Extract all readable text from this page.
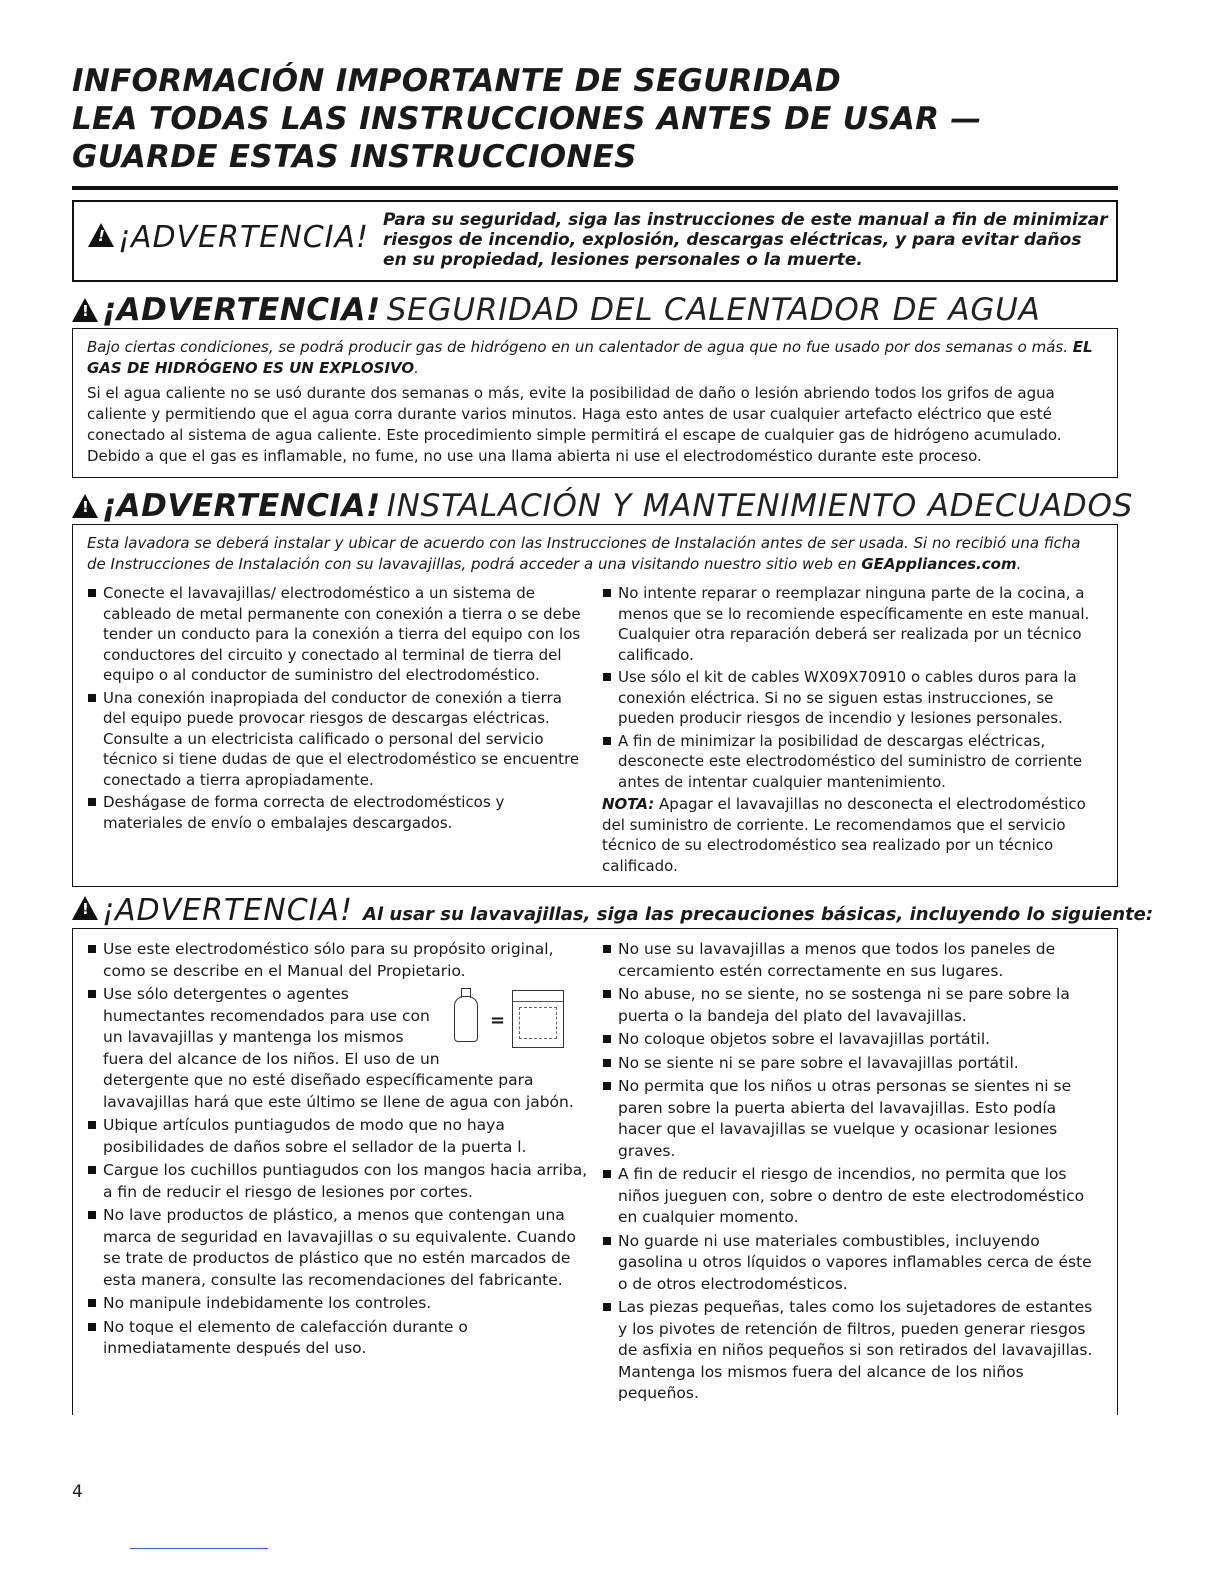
INFORMACIÓN IMPORTANTE DE SEGURIDAD

LEA TODAS LAS INSTRUCCIONES ANTES DE USAR —

GUARDE ESTAS INSTRUCCIONES

!¡ADVERTENCIA! Para su seguridad, siga las instrucciones de este manual a fin de minimizar riesgos de incendio, explosión, descargas eléctricas, y para evitar daños en su propiedad, lesiones personales o la muerte.
!
¡ADVERTENCIA! SEGURIDAD DEL CALENTADOR DE AGUA

Bajo ciertas condiciones, se podrá producir gas de hidrógeno en un calentador de agua que no fue usado por dos semanas o más. EL GAS DE HIDRÓGENO ES UN EXPLOSIVO.

Si el agua caliente no se usó durante dos semanas o más, evite la posibilidad de daño o lesión abriendo todos los grifos de agua caliente y permitiendo que el agua corra durante varios minutos. Haga esto antes de usar cualquier artefacto eléctrico que esté conectado al sistema de agua caliente. Este procedimiento simple permitirá el escape de cualquier gas de hidrógeno acumulado. Debido a que el gas es inflamable, no fume, no use una llama abierta ni use el electrodoméstico durante este proceso.

!
¡ADVERTENCIA! INSTALACIÓN Y MANTENIMIENTO ADECUADOS

Esta lavadora se deberá instalar y ubicar de acuerdo con las Instrucciones de Instalación antes de ser usada. Si no recibió una ficha de Instrucciones de Instalación con su lavavajillas, podrá acceder a una visitando nuestro sitio web en GEAppliances.com.

Conecte el lavavajillas/ electrodoméstico a un sistema de cableado de metal permanente con conexión a tierra o se debe tender un conducto para la conexión a tierra del equipo con los conductores del circuito y conectado al terminal de tierra del equipo o al conductor de suministro del electrodoméstico.
Una conexión inapropiada del conductor de conexión a tierra del equipo puede provocar riesgos de descargas eléctricas. Consulte a un electricista calificado o personal del servicio técnico si tiene dudas de que el electrodoméstico se encuentre conectado a tierra apropiadamente.
Deshágase de forma correcta de electrodomésticos y materiales de envío o embalajes descargados.
No intente reparar o reemplazar ninguna parte de la cocina, a menos que se lo recomiende específicamente en este manual. Cualquier otra reparación deberá ser realizada por un técnico calificado.
Use sólo el kit de cables WX09X70910 o cables duros para la conexión eléctrica. Si no se siguen estas instrucciones, se pueden producir riesgos de incendio y lesiones personales.
A fin de minimizar la posibilidad de descargas eléctricas, desconecte este electrodoméstico del suministro de corriente antes de intentar cualquier mantenimiento.

NOTA: Apagar el lavavajillas no desconecta el electrodoméstico del suministro de corriente. Le recomendamos que el servicio técnico de su electrodoméstico sea realizado por un técnico calificado.

!
¡ADVERTENCIA! Al usar su lavavajillas, siga las precauciones básicas, incluyendo lo siguiente:
Use este electrodoméstico sólo para su propósito original, como se describe en el Manual del Propietario.
=
Use sólo detergentes o agentes humectantes recomendados para use con un lavavajillas y mantenga los mismos fuera del alcance de los niños. El uso de un detergente que no esté diseñado específicamente para lavavajillas hará que este último se llene de agua con jabón.
Ubique artículos puntiagudos de modo que no haya posibilidades de daños sobre el sellador de la puerta l.
Cargue los cuchillos puntiagudos con los mangos hacia arriba, a fin de reducir el riesgo de lesiones por cortes.
No lave productos de plástico, a menos que contengan una marca de seguridad en lavavajillas o su equivalente. Cuando se trate de productos de plástico que no estén marcados de esta manera, consulte las recomendaciones del fabricante.
No manipule indebidamente los controles.
No toque el elemento de calefacción durante o inmediatamente después del uso.
No use su lavavajillas a menos que todos los paneles de cercamiento estén correctamente en sus lugares.
No abuse, no se siente, no se sostenga ni se pare sobre la puerta o la bandeja del plato del lavavajillas.
No coloque objetos sobre el lavavajillas portátil.
No se siente ni se pare sobre el lavavajillas portátil.
No permita que los niños u otras personas se sientes ni se paren sobre la puerta abierta del lavavajillas. Esto podía hacer que el lavavajillas se vuelque y ocasionar lesiones graves.
A fin de reducir el riesgo de incendios, no permita que los niños jueguen con, sobre o dentro de este electrodoméstico en cualquier momento.
No guarde ni use materiales combustibles, incluyendo gasolina u otros líquidos o vapores inflamables cerca de éste o de otros electrodomésticos.
Las piezas pequeñas, tales como los sujetadores de estantes y los pivotes de retención de filtros, pueden generar riesgos de asfixia en niños pequeños si son retirados del lavavajillas. Mantenga los mismos fuera del alcance de los niños pequeños.
4
